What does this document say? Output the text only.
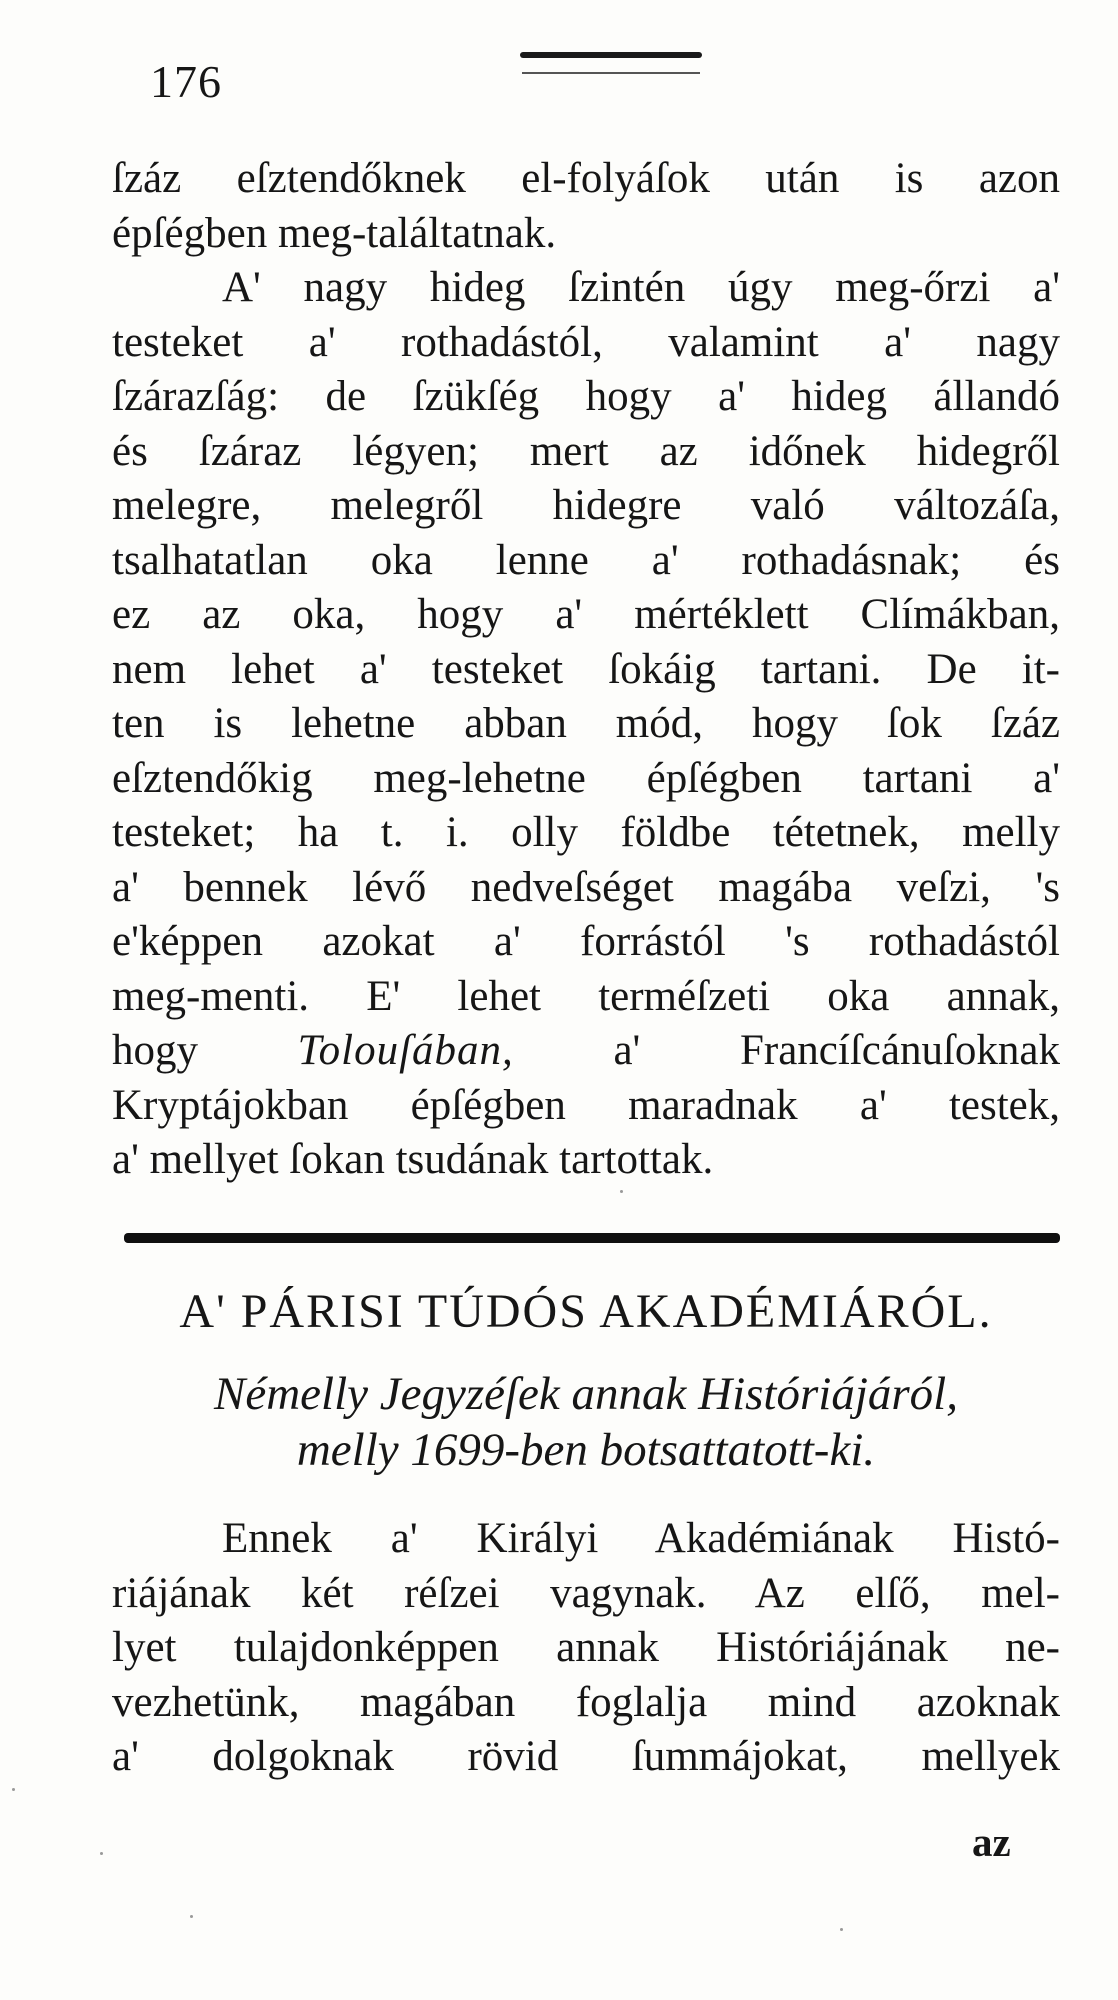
176
ſzáz eſztendőknek el-folyáſok után is azon
épſégben meg-találtatnak.
A' nagy hideg ſzintén úgy meg-őrzi a'
testeket a' rothadástól, valamint a' nagy
ſzárazſág: de ſzükſég hogy a' hideg állandó
és ſzáraz légyen; mert az időnek hidegről
melegre, melegről hidegre való változáſa,
tsalhatatlan oka lenne a' rothadásnak; és
ez az oka, hogy a' mértéklett Clímákban,
nem lehet a' testeket ſokáig tartani. De it-
ten is lehetne abban mód, hogy ſok ſzáz
eſztendőkig meg-lehetne épſégben tartani a'
testeket; ha t. i. olly földbe tétetnek, melly
a' bennek lévő nedveſséget magába veſzi, 's
e'képpen azokat a' forrástól 's rothadástól
meg-menti. E' lehet terméſzeti oka annak,
hogy Tolouſában, a' Francíſcánuſoknak
Kryptájokban épſégben maradnak a' testek,
a' mellyet ſokan tsudának tartottak.
A' PÁRISI TÚDÓS AKADÉMIÁRÓL.
Némelly Jegyzéſek annak Históriájáról,
melly 1699-ben botsattatott-ki.
Ennek a' Királyi Akadémiának Histó-
riájának két réſzei vagynak. Az elſő, mel-
lyet tulajdonképpen annak Históriájának ne-
vezhetünk, magában foglalja mind azoknak
a' dolgoknak rövid ſummájokat, mellyek
az
